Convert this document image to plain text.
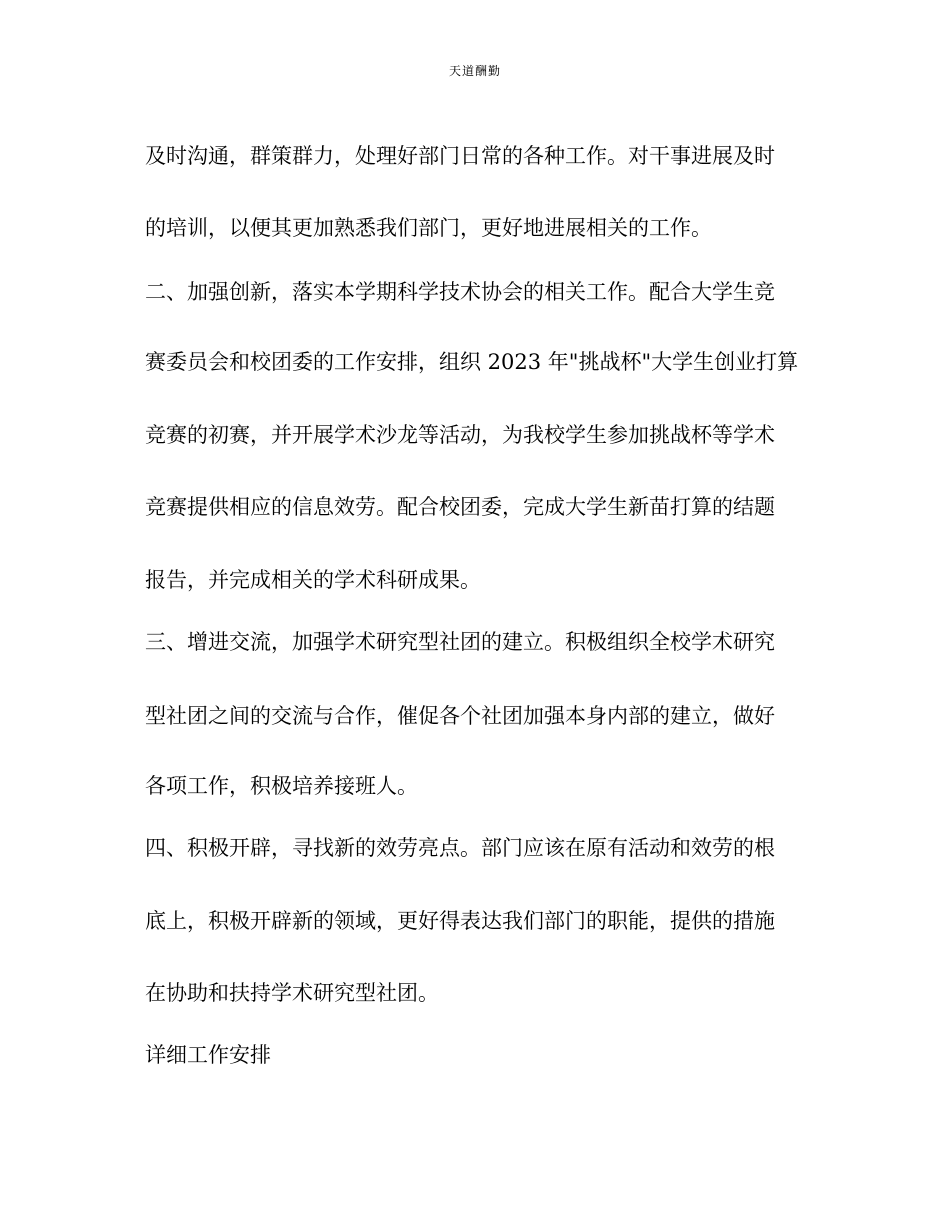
天道酬勤
及时沟通，群策群力，处理好部门日常的各种工作。对干事进展及时
的培训，以便其更加熟悉我们部门，更好地进展相关的工作。
二、加强创新，落实本学期科学技术协会的相关工作。配合大学生竞
赛委员会和校团委的工作安排，组织 2023 年"挑战杯"大学生创业打算
竞赛的初赛，并开展学术沙龙等活动，为我校学生参加挑战杯等学术
竞赛提供相应的信息效劳。配合校团委，完成大学生新苗打算的结题
报告，并完成相关的学术科研成果。
三、增进交流，加强学术研究型社团的建立。积极组织全校学术研究
型社团之间的交流与合作，催促各个社团加强本身内部的建立，做好
各项工作，积极培养接班人。
四、积极开辟，寻找新的效劳亮点。部门应该在原有活动和效劳的根
底上，积极开辟新的领域，更好得表达我们部门的职能，提供的措施
在协助和扶持学术研究型社团。
详细工作安排
